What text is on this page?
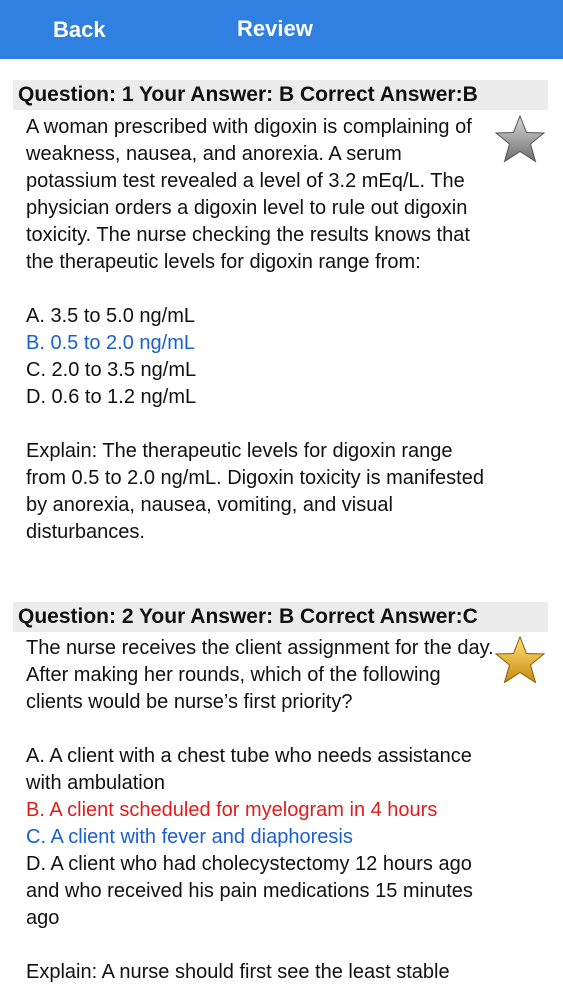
Back	Review
Question: 1 Your Answer: B Correct Answer:B
A woman prescribed with digoxin is complaining of weakness, nausea, and anorexia. A serum potassium test revealed a level of 3.2 mEq/L. The physician orders a digoxin level to rule out digoxin toxicity. The nurse checking the results knows that the therapeutic levels for digoxin range from:
A. 3.5 to 5.0 ng/mL
B. 0.5 to 2.0 ng/mL
C. 2.0 to 3.5 ng/mL
D. 0.6 to 1.2 ng/mL
Explain: The therapeutic levels for digoxin range from 0.5 to 2.0 ng/mL. Digoxin toxicity is manifested by anorexia, nausea, vomiting, and visual disturbances.
Question: 2 Your Answer: B Correct Answer:C
The nurse receives the client assignment for the day. After making her rounds, which of the following clients would be nurse’s first priority?
A. A client with a chest tube who needs assistance with ambulation
B. A client scheduled for myelogram in 4 hours
C. A client with fever and diaphoresis
D. A client who had cholecystectomy 12 hours ago and who received his pain medications 15 minutes ago
Explain: A nurse should first see the least stable
